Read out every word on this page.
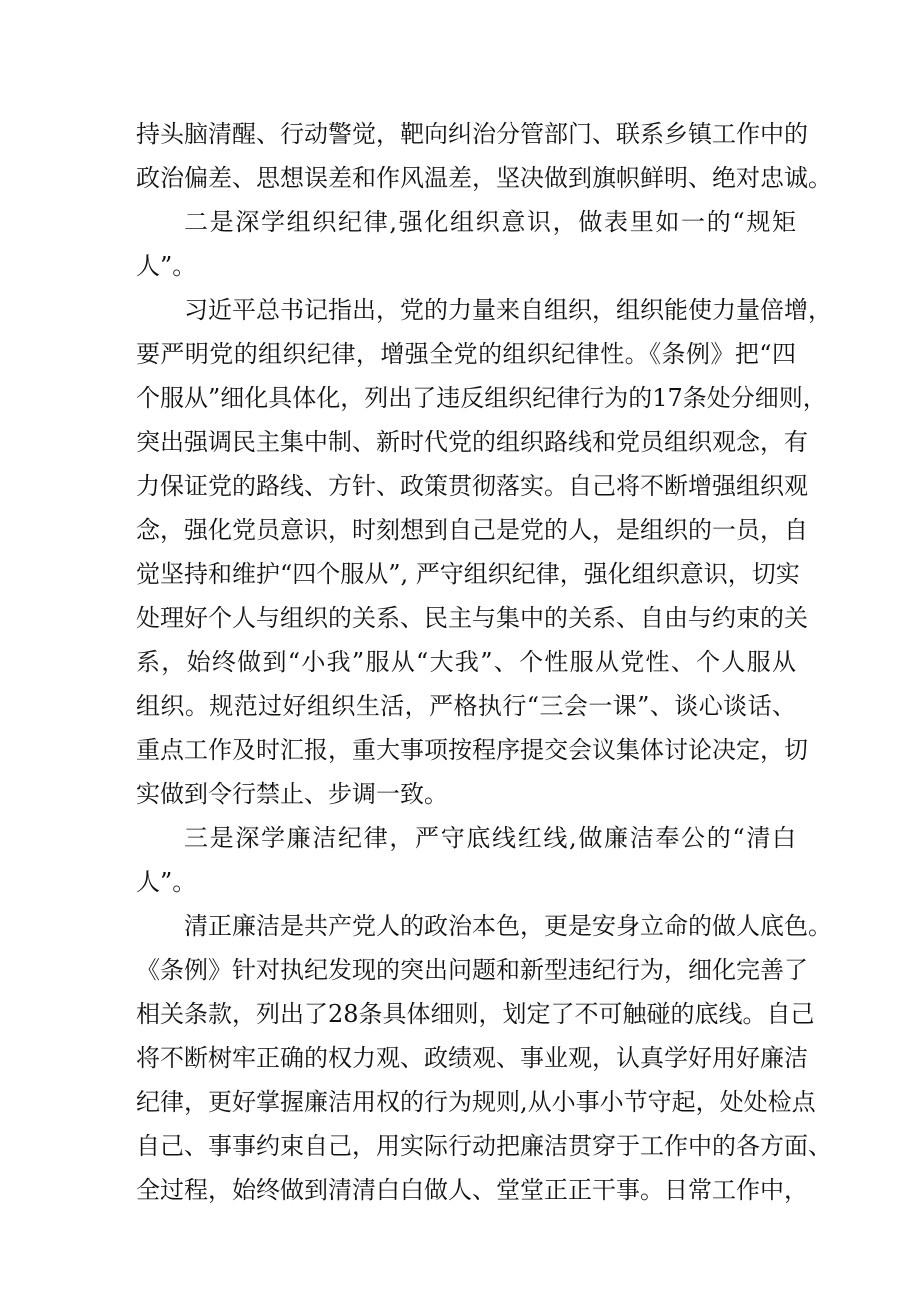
持头脑清醒、行动警觉，靶向纠治分管部门、联系乡镇工作中的
政治偏差、思想误差和作风温差，坚决做到旗帜鲜明、绝对忠诚。
二是深学组织纪律,强化组织意识，做表里如一的“规矩
人”。
习近平总书记指出，党的力量来自组织，组织能使力量倍增，
要严明党的组织纪律，增强全党的组织纪律性。《条例》把“四
个服从”细化具体化，列出了违反组织纪律行为的17条处分细则，
突出强调民主集中制、新时代党的组织路线和党员组织观念，有
力保证党的路线、方针、政策贯彻落实。自己将不断增强组织观
念，强化党员意识，时刻想到自己是党的人，是组织的一员，自
觉坚持和维护“四个服从”, 严守组织纪律，强化组织意识，切实
处理好个人与组织的关系、民主与集中的关系、自由与约束的关
系，始终做到“小我”服从“大我”、个性服从党性、个人服从
组织。规范过好组织生活，严格执行“三会一课”、谈心谈话、
重点工作及时汇报，重大事项按程序提交会议集体讨论决定，切
实做到令行禁止、步调一致。
三是深学廉洁纪律，严守底线红线,做廉洁奉公的“清白
人”。
清正廉洁是共产党人的政治本色，更是安身立命的做人底色。
《条例》针对执纪发现的突出问题和新型违纪行为，细化完善了
相关条款，列出了28条具体细则，划定了不可触碰的底线。自己
将不断树牢正确的权力观、政绩观、事业观，认真学好用好廉洁
纪律，更好掌握廉洁用权的行为规则,从小事小节守起，处处检点
自己、事事约束自己，用实际行动把廉洁贯穿于工作中的各方面、
全过程，始终做到清清白白做人、堂堂正正干事。日常工作中，
